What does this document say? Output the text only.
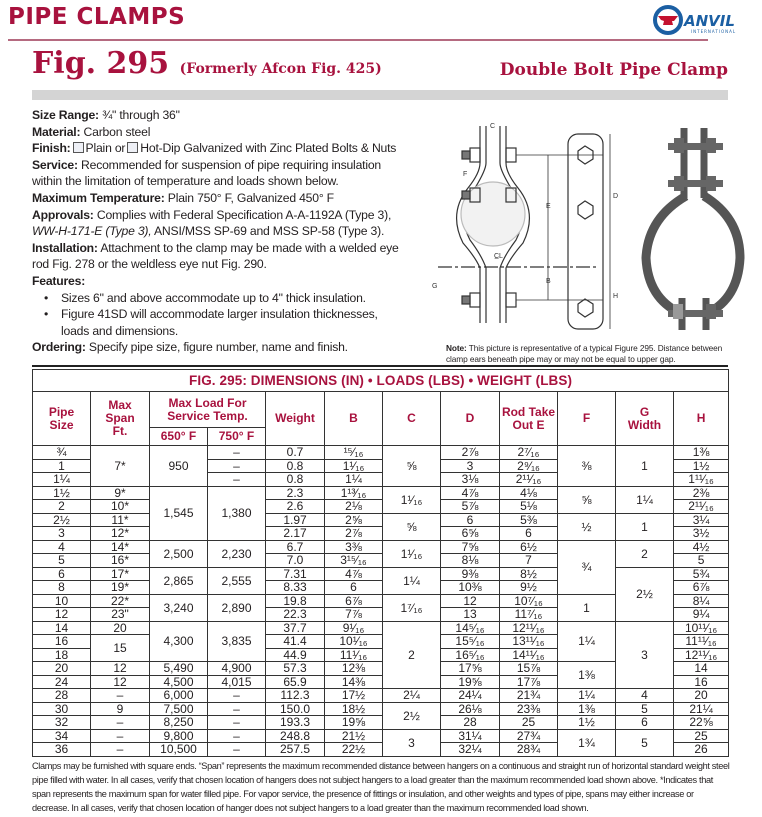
PIPE CLAMPS	ANVIL
INTERNATIONAL
Fig. 295 (Formerly Afcon Fig. 425)	Double Bolt Pipe Clamp
Size Range: ¾" through 36"
Material: Carbon steel
Finish: Plain or Hot-Dip Galvanized with Zinc Plated Bolts & Nuts
Service: Recommended for suspension of pipe requiring insulation within the limitation of temperature and loads shown below.
Maximum Temperature: Plain 750° F, Galvanized 450° F
Approvals: Complies with Federal Specification A-A-1192A (Type 3), WW-H-171-E (Type 3), ANSI/MSS SP-69 and MSS SP-58 (Type 3).
Installation: Attachment to the clamp may be made with a welded eye rod Fig. 278 or the weldless eye nut Fig. 290.
Features:
• Sizes 6" and above accommodate up to 4" thick insulation.
• Figure 41SD will accommodate larger insulation thicknesses, loads and dimensions.
Ordering: Specify pipe size, figure number, name and finish.
C
F
E
D
G
B
H
C̲L
Note: This picture is representative of a typical Figure 295. Distance between clamp ears beneath pipe may or may not be equal to upper gap.
FIG. 295: DIMENSIONS (IN) • LOADS (LBS) • WEIGHT (LBS)											

Pipe Size	Max Span Ft.	Max Load For Service Temp.		Weight	B	C	D	Rod Take Out E	F	G Width	H
		650° F	750° F								
¾	7*	950	–	0.7	¹⁵⁄₁₆	⅝	2⅞	2⁷⁄₁₆	⅜	1	1⅜
1			–	0.8	1¹⁄₁₆		3	2⁹⁄₁₆			1½
1¼			–	0.8	1¼		3⅛	2¹¹⁄₁₆			1¹¹⁄₁₆
1½	9*	1,545	1,380	2.3	1¹³⁄₁₆	1¹⁄₁₆	4⅞	4⅛	⅝	1¼	2⅜
2	10*			2.6	2⅛		5⅞	5⅛			2¹¹⁄₁₆
2½	11*			1.97	2⅝	⅝	6	5⅜	½	1	3¼
3	12*			2.17	2⅞		6⅝	6			3½
4	14*	2,500	2,230	6.7	3⅜	1¹⁄₁₆	7⅝	6½	¾	2	4½
5	16*			7.0	3¹⁵⁄₁₆		8⅛	7			5
6	17*	2,865	2,555	7.31	4⅞	1¼	9⅜	8½		2½	5¾
8	19*			8.33	6		10⅜	9½			6⅞
10	22*	3,240	2,890	19.8	6⅞	1⁷⁄₁₆	12	10⁷⁄₁₆	1		8¼
12	23"			22.3	7⅞		13	11⁷⁄₁₆			9¼
14	20	4,300	3,835	37.7	9¹⁄₁₆	2	14⁵⁄₁₆	12¹¹⁄₁₆	1¼	3	10¹¹⁄₁₆
16	15			41.4	10¹⁄₁₆		15⁵⁄₁₆	13¹¹⁄₁₆			11¹¹⁄₁₆
18				44.9	11¹⁄₁₆		16⁵⁄₁₆	14¹¹⁄₁₆			12¹¹⁄₁₆
20	12	5,490	4,900	57.3	12⅜		17⅝	15⅞	1⅜		14
24	12	4,500	4,015	65.9	14⅜		19⅝	17⅞			16
28	–	6,000	–	112.3	17½	2¼	24¼	21¾	1¼	4	20
30	9	7,500	–	150.0	18½	2½	26⅛	23⅜	1⅜	5	21¼
32	–	8,250	–	193.3	19⅝		28	25	1½	6	22⅝
34	–	9,800	–	248.8	21½	3	31¼	27¾	1¾	5	25
36	–	10,500	–	257.5	22½		32¼	28¾			26
Clamps may be furnished with square ends. “Span” represents the maximum recommended distance between hangers on a continuous and straight run of horizontal standard weight steel pipe filled with water. In all cases, verify that chosen location of hangers does not subject hangers to a load greater than the maximum recommended load shown above. *Indicates that span represents the maximum span for water filled pipe. For vapor service, the presence of fittings or insulation, and other weights and types of pipe, spans may either increase or decrease. In all cases, verify that chosen location of hanger does not subject hangers to a load greater than the maximum recommended load shown.
